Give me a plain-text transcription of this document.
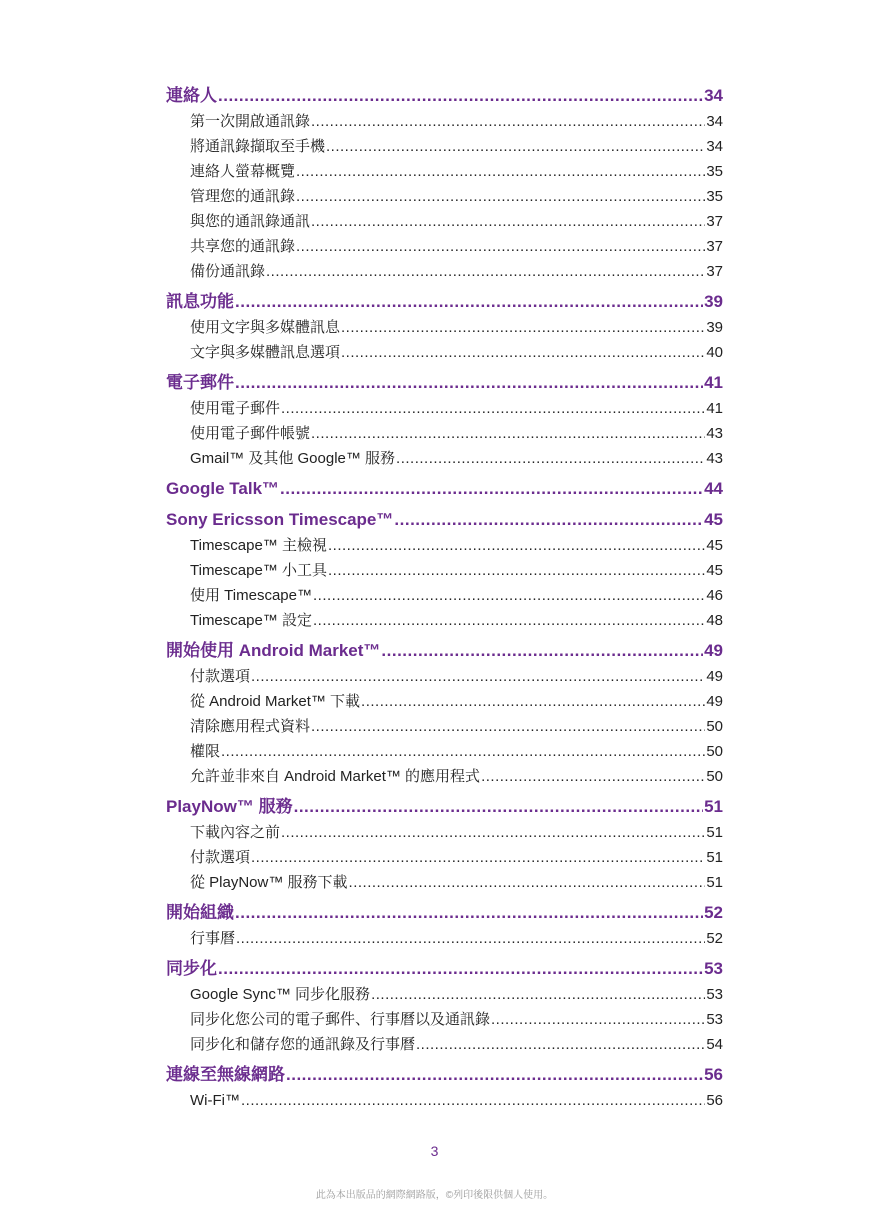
連絡人 .....	34
第一次開啟通訊錄 .....	34
將通訊錄擷取至手機 .....	34
連絡人螢幕概覽 .....	35
管理您的通訊錄 .....	35
與您的通訊錄通訊 .....	37
共享您的通訊錄 .....	37
備份通訊錄 .....	37
訊息功能 .....	39
使用文字與多媒體訊息 .....	39
文字與多媒體訊息選項 .....	40
電子郵件 .....	41
使用電子郵件 .....	41
使用電子郵件帳號 .....	43
Gmail™ 及其他 Google™ 服務 .....	43
Google Talk™ .....	44
Sony Ericsson Timescape™ .....	45
Timescape™ 主檢視 .....	45
Timescape™ 小工具 .....	45
使用 Timescape™ .....	46
Timescape™ 設定 .....	48
開始使用 Android Market™ .....	49
付款選項 .....	49
從 Android Market™ 下載 .....	49
清除應用程式資料 .....	50
權限 .....	50
允許並非來自 Android Market™ 的應用程式 .....	50
PlayNow™ 服務 .....	51
下載內容之前 .....	51
付款選項 .....	51
從 PlayNow™ 服務下載 .....	51
開始組織 .....	52
行事曆 .....	52
同步化 .....	53
Google Sync™ 同步化服務 .....	53
同步化您公司的電子郵件、行事曆以及通訊錄 .....	53
同步化和儲存您的通訊錄及行事曆 .....	54
連線至無線網路 .....	56
Wi-Fi™ .....	56
3
此為本出版品的網際網路版，©列印後限供個人使用。
